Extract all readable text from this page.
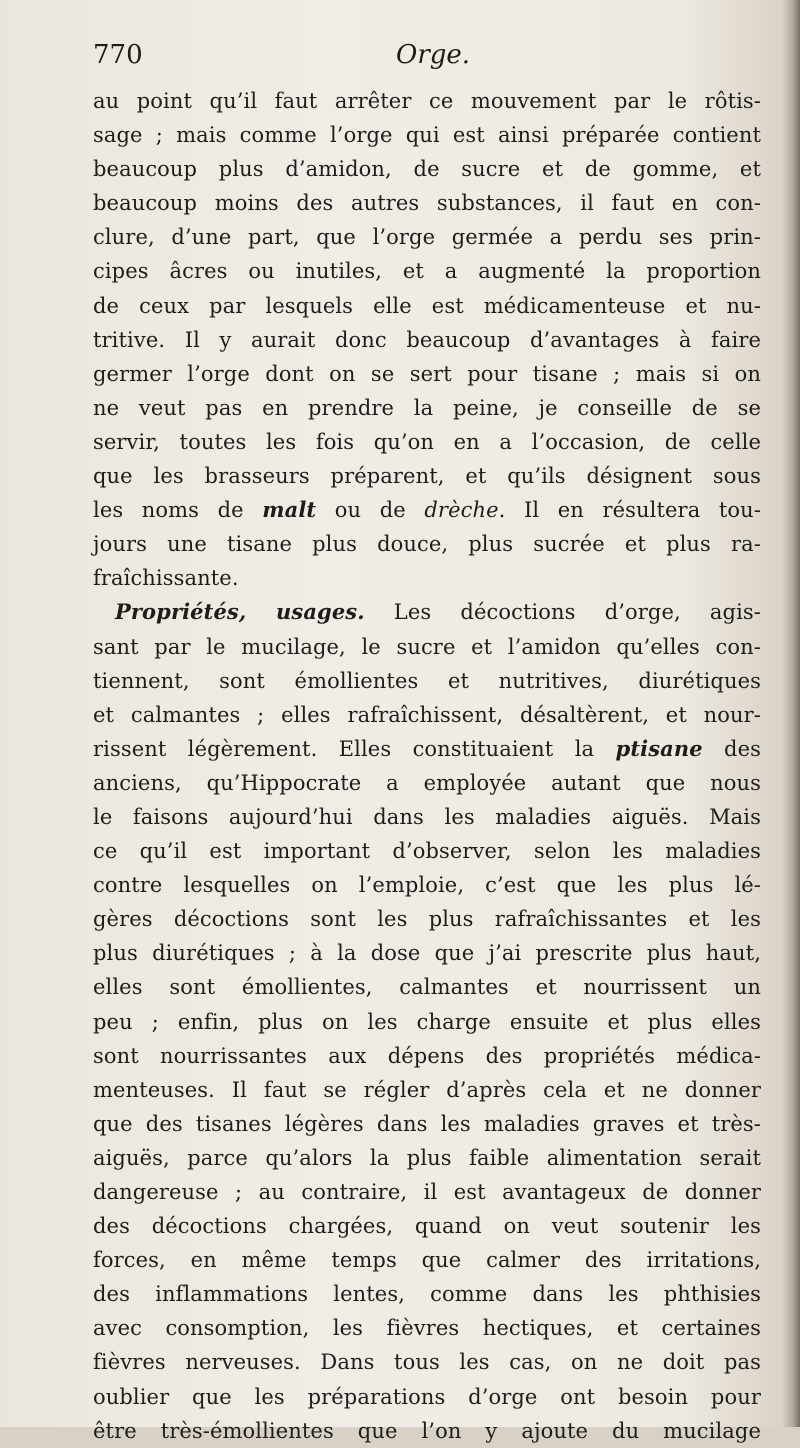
770	Orge.
au point qu’il faut arrêter ce mouvement par le rôtis-
sage ; mais comme l’orge qui est ainsi préparée contient
beaucoup plus d’amidon, de sucre et de gomme, et
beaucoup moins des autres substances, il faut en con-
clure, d’une part, que l’orge germée a perdu ses prin-
cipes âcres ou inutiles, et a augmenté la proportion
de ceux par lesquels elle est médicamenteuse et nu-
tritive. Il y aurait donc beaucoup d’avantages à faire
germer l’orge dont on se sert pour tisane ; mais si on
ne veut pas en prendre la peine, je conseille de se
servir, toutes les fois qu’on en a l’occasion, de celle
que les brasseurs préparent, et qu’ils désignent sous
les noms de malt ou de drèche. Il en résultera tou-
jours une tisane plus douce, plus sucrée et plus ra-
fraîchissante.
Propriétés, usages. Les décoctions d’orge, agis-
sant par le mucilage, le sucre et l’amidon qu’elles con-
tiennent, sont émollientes et nutritives, diurétiques
et calmantes ; elles rafraîchissent, désaltèrent, et nour-
rissent légèrement. Elles constituaient la ptisane des
anciens, qu’Hippocrate a employée autant que nous
le faisons aujourd’hui dans les maladies aiguës. Mais
ce qu’il est important d’observer, selon les maladies
contre lesquelles on l’emploie, c’est que les plus lé-
gères décoctions sont les plus rafraîchissantes et les
plus diurétiques ; à la dose que j’ai prescrite plus haut,
elles sont émollientes, calmantes et nourrissent un
peu ; enfin, plus on les charge ensuite et plus elles
sont nourrissantes aux dépens des propriétés médica-
menteuses. Il faut se régler d’après cela et ne donner
que des tisanes légères dans les maladies graves et très-
aiguës, parce qu’alors la plus faible alimentation serait
dangereuse ; au contraire, il est avantageux de donner
des décoctions chargées, quand on veut soutenir les
forces, en même temps que calmer des irritations,
des inflammations lentes, comme dans les phthisies
avec consomption, les fièvres hectiques, et certaines
fièvres nerveuses. Dans tous les cas, on ne doit pas
oublier que les préparations d’orge ont besoin pour
être très-émollientes que l’on y ajoute du mucilage
